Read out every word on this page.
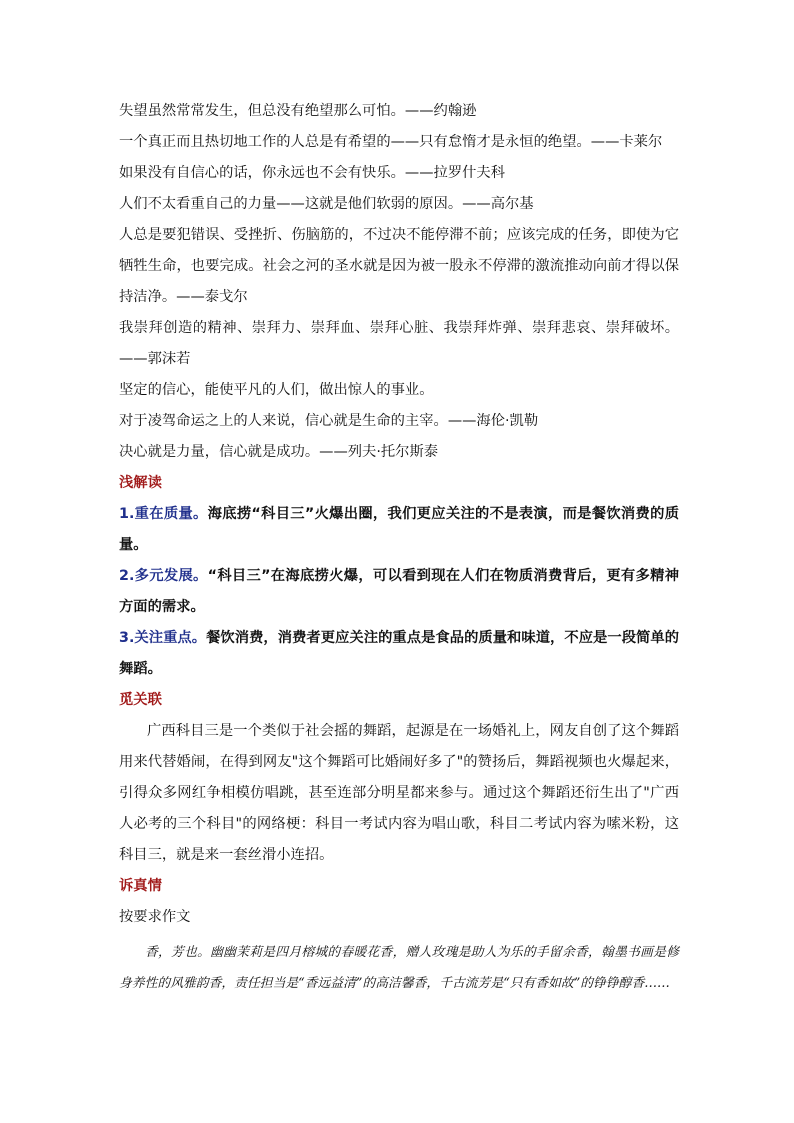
失望虽然常常发生，但总没有绝望那么可怕。——约翰逊

一个真正而且热切地工作的人总是有希望的——只有怠惰才是永恒的绝望。——卡莱尔

如果没有自信心的话，你永远也不会有快乐。——拉罗什夫科

人们不太看重自己的力量——这就是他们软弱的原因。——高尔基

人总是要犯错误、受挫折、伤脑筋的，不过决不能停滞不前；应该完成的任务，即使为它牺牲生命，也要完成。社会之河的圣水就是因为被一股永不停滞的激流推动向前才得以保持洁净。——泰戈尔

我崇拜创造的精神、崇拜力、崇拜血、崇拜心脏、我崇拜炸弹、崇拜悲哀、崇拜破坏。——郭沫若

坚定的信心，能使平凡的人们，做出惊人的事业。

对于凌驾命运之上的人来说，信心就是生命的主宰。——海伦·凯勒

决心就是力量，信心就是成功。——列夫·托尔斯泰

浅解读

1.重在质量。海底捞“科目三”火爆出圈，我们更应关注的不是表演，而是餐饮消费的质量。

2.多元发展。“科目三”在海底捞火爆，可以看到现在人们在物质消费背后，更有多精神方面的需求。

3.关注重点。餐饮消费，消费者更应关注的重点是食品的质量和味道，不应是一段简单的舞蹈。

觅关联

广西科目三是一个类似于社会摇的舞蹈，起源是在一场婚礼上，网友自创了这个舞蹈用来代替婚闹，在得到网友"这个舞蹈可比婚闹好多了"的赞扬后，舞蹈视频也火爆起来，引得众多网红争相模仿唱跳，甚至连部分明星都来参与。通过这个舞蹈还衍生出了"广西人必考的三个科目"的网络梗：科目一考试内容为唱山歌，科目二考试内容为嗦米粉，这科目三，就是来一套丝滑小连招。

诉真情

按要求作文

香，芳也。幽幽茉莉是四月榕城的春暖花香，赠人玫瑰是助人为乐的手留余香，翰墨书画是修身养性的风雅韵香，责任担当是“香远益清”的高洁馨香，千古流芳是“只有香如故”的铮铮醇香……
